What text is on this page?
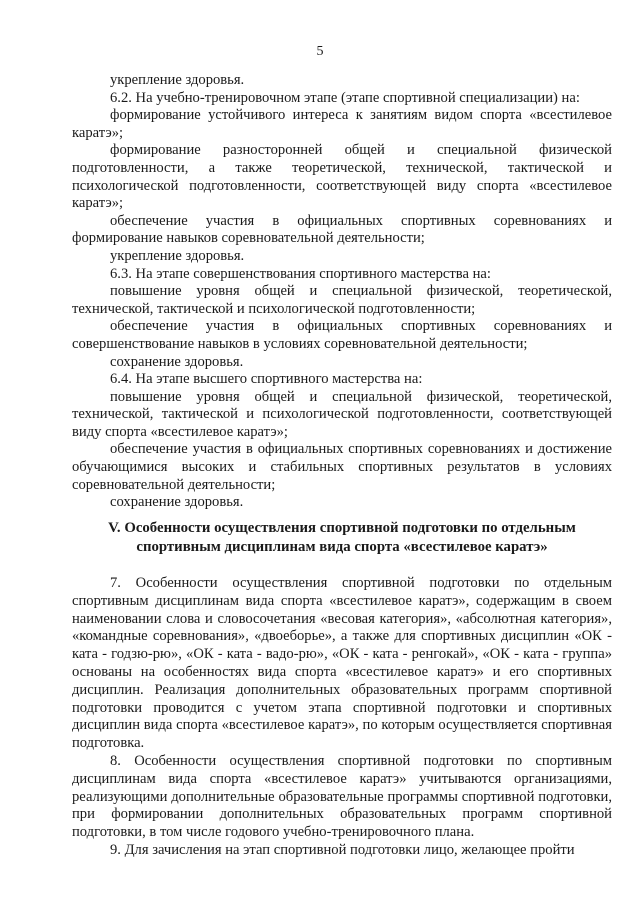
5

укрепление здоровья.

6.2. На учебно-тренировочном этапе (этапе спортивной специализации) на:

формирование устойчивого интереса к занятиям видом спорта «всестилевое каратэ»;

формирование разносторонней общей и специальной физической подготовленности, а также теоретической, технической, тактической и психологической подготовленности, соответствующей виду спорта «всестилевое каратэ»;

обеспечение участия в официальных спортивных соревнованиях и формирование навыков соревновательной деятельности;

укрепление здоровья.

6.3. На этапе совершенствования спортивного мастерства на:

повышение уровня общей и специальной физической, теоретической, технической, тактической и психологической подготовленности;

обеспечение участия в официальных спортивных соревнованиях и совершенствование навыков в условиях соревновательной деятельности;

сохранение здоровья.

6.4. На этапе высшего спортивного мастерства на:

повышение уровня общей и специальной физической, теоретической, технической, тактической и психологической подготовленности, соответствующей виду спорта «всестилевое каратэ»;

обеспечение участия в официальных спортивных соревнованиях и достижение обучающимися высоких и стабильных спортивных результатов в условиях соревновательной деятельности;

сохранение здоровья.

V. Особенности осуществления спортивной подготовки по отдельным
спортивным дисциплинам вида спорта «всестилевое каратэ»

7. Особенности осуществления спортивной подготовки по отдельным спортивным дисциплинам вида спорта «всестилевое каратэ», содержащим в своем наименовании слова и словосочетания «весовая категория», «абсолютная категория», «командные соревнования», «двоеборье», а также для спортивных дисциплин «ОК - ката - годзю-рю», «ОК - ката - вадо-рю», «ОК - ката - ренгокай», «ОК - ката - группа» основаны на особенностях вида спорта «всестилевое каратэ» и его спортивных дисциплин. Реализация дополнительных образовательных программ спортивной подготовки проводится с учетом этапа спортивной подготовки и спортивных дисциплин вида спорта «всестилевое каратэ», по которым осуществляется спортивная подготовка.

8. Особенности осуществления спортивной подготовки по спортивным дисциплинам вида спорта «всестилевое каратэ» учитываются организациями, реализующими дополнительные образовательные программы спортивной подготовки, при формировании дополнительных образовательных программ спортивной подготовки, в том числе годового учебно-тренировочного плана.

9. Для зачисления на этап спортивной подготовки лицо, желающее пройти
